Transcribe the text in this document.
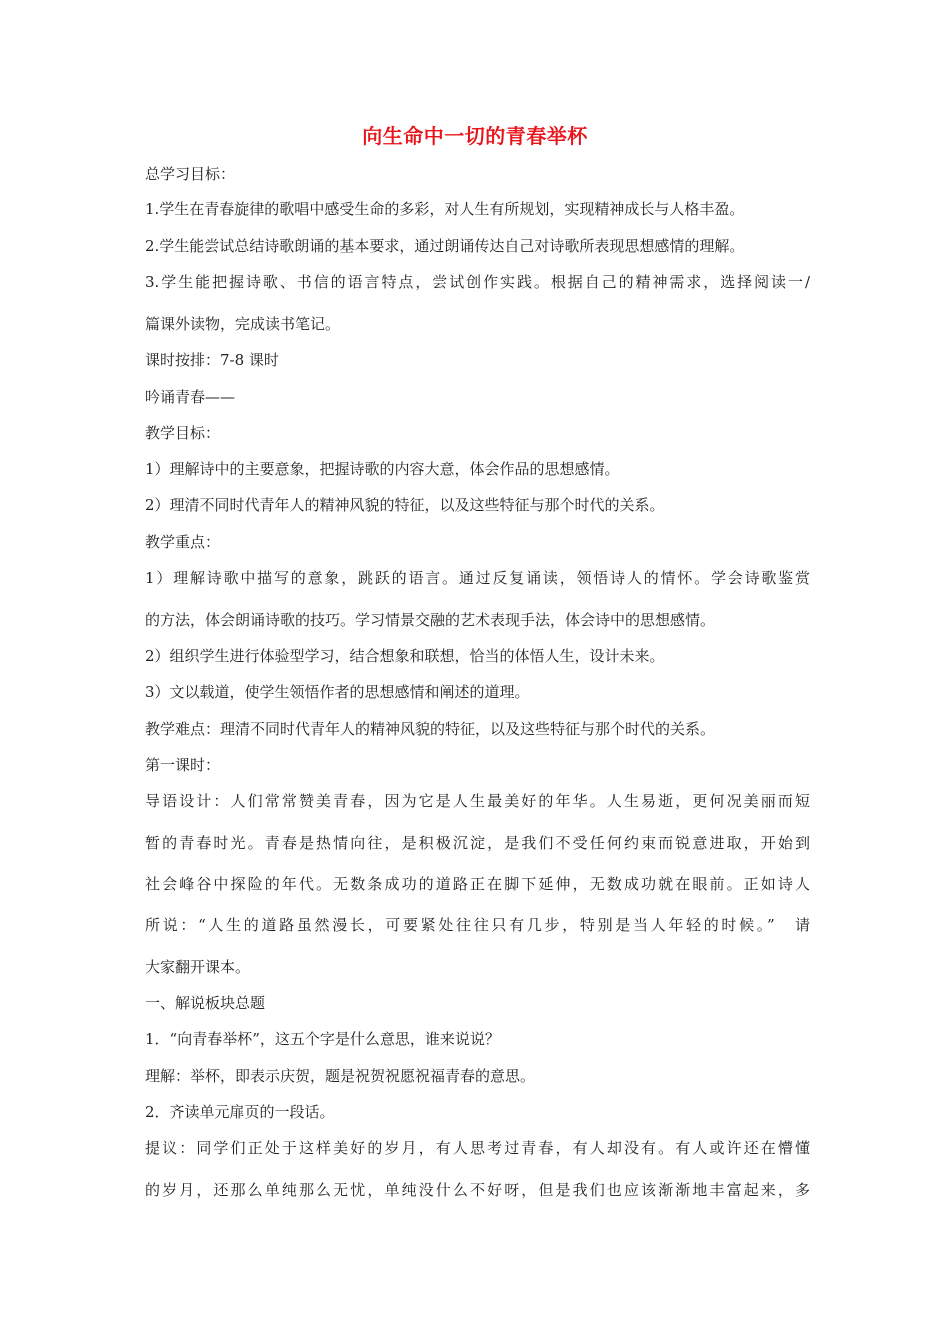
向生命中一切的青春举杯
总学习目标：
1.学生在青春旋律的歌唱中感受生命的多彩，对人生有所规划，实现精神成长与人格丰盈。
2.学生能尝试总结诗歌朗诵的基本要求，通过朗诵传达自己对诗歌所表现思想感情的理解。
3.学生能把握诗歌、书信的语言特点，尝试创作实践。根据自己的精神需求，选择阅读一/
篇课外读物，完成读书笔记。
课时按排：7-8 课时
吟诵青春——
教学目标：
1）理解诗中的主要意象，把握诗歌的内容大意，体会作品的思想感情。
2）理清不同时代青年人的精神风貌的特征，以及这些特征与那个时代的关系。
教学重点：
1）理解诗歌中描写的意象，跳跃的语言。通过反复诵读，领悟诗人的情怀。学会诗歌鉴赏
的方法，体会朗诵诗歌的技巧。学习情景交融的艺术表现手法，体会诗中的思想感情。
2）组织学生进行体验型学习，结合想象和联想，恰当的体悟人生，设计未来。
3）文以载道，使学生领悟作者的思想感情和阐述的道理。
教学难点：理清不同时代青年人的精神风貌的特征，以及这些特征与那个时代的关系。
第一课时：
导语设计：人们常常赞美青春，因为它是人生最美好的年华。人生易逝，更何况美丽而短
暂的青春时光。青春是热情向往，是积极沉淀，是我们不受任何约束而锐意进取，开始到
社会峰谷中探险的年代。无数条成功的道路正在脚下延伸，无数成功就在眼前。正如诗人
所说：“人生的道路虽然漫长，可要紧处往往只有几步，特别是当人年轻的时候。”　请
大家翻开课本。
一、解说板块总题
1．“向青春举杯”，这五个字是什么意思，谁来说说？
理解：举杯，即表示庆贺，题是祝贺祝愿祝福青春的意思。
2．齐读单元扉页的一段话。
提议：同学们正处于这样美好的岁月，有人思考过青春，有人却没有。有人或许还在懵懂
的岁月，还那么单纯那么无忧，单纯没什么不好呀，但是我们也应该渐渐地丰富起来，多
